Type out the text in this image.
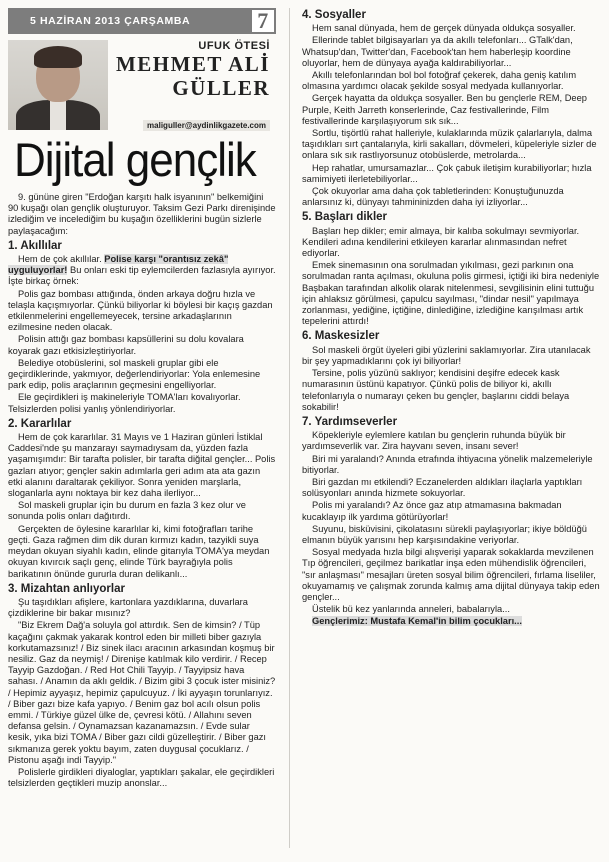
5 HAZİRAN 2013 ÇARŞAMBA	7
UFUK ÖTESİ
MEHMET ALİ
GÜLLER
maliguller@aydinlikgazete.com
Dijital gençlik

9. gününe giren "Erdoğan karşıtı halk isyanının" belkemiğini 90 kuşağı olan gençlik oluşturuyor. Taksim Gezi Parkı direnişinde izlediğim ve incelediğim bu kuşağın özelliklerini bugün sizlerle paylaşacağım:

1. Akıllılar

Hem de çok akıllılar. Polise karşı "orantısız zekâ" uyguluyorlar! Bu onları eski tip eylemcilerden fazlasıyla ayırıyor. İşte birkaç örnek:

Polis gaz bombası attığında, önden arkaya doğru hızla ve telaşla kaçışmıyorlar. Çünkü biliyorlar ki böylesi bir kaçış gazdan etkilenmelerini engellemeyecek, tersine arkadaşlarının ezilmesine neden olacak.

Polisin attığı gaz bombası kapsüllerini su dolu kovalara koyarak gazı etkisizleştiriyorlar.

Belediye otobüslerini, sol maskeli gruplar gibi ele geçirdiklerinde, yakmıyor, değerlendiriyorlar: Yola enlemesine park edip, polis araçlarının geçmesini engelliyorlar.

Ele geçirdikleri iş makineleriyle TOMA'ları kovalıyorlar. Telsizlerden polisi yanlış yönlendiriyorlar.

2. Kararlılar

Hem de çok kararlılar. 31 Mayıs ve 1 Haziran günleri İstiklal Caddesi'nde şu manzarayı saymadıysam da, yüzden fazla yaşamışımdır: Bir tarafta polisler, bir tarafta diğital gençler... Polis gazları atıyor; gençler sakin adımlarla geri adım ata ata gazın etki alanını daraltarak çekiliyor. Sonra yeniden marşlarla, sloganlarla aynı noktaya bir kez daha ilerliyor...

Sol maskeli gruplar için bu durum en fazla 3 kez olur ve sonunda polis onları dağıtırdı.

Gerçekten de öylesine kararlılar ki, kimi fotoğrafları tarihe geçti. Gaza rağmen dim dik duran kırmızı kadın, tazyikli suya meydan okuyan siyahlı kadın, elinde gitarıyla TOMA'ya meydan okuyan kıvırcık saçlı genç, elinde Türk bayrağıyla polis barikatının önünde gururla duran delikanlı...

3. Mizahtan anlıyorlar

Şu taşıdıkları afişlere, kartonlara yazdıklarına, duvarlara çizdiklerine bir bakar mısınız?

"Biz Ekrem Dağ'a soluyla gol attırdık. Sen de kimsin? / Tüp kaçağını çakmak yakarak kontrol eden bir milleti biber gazıyla korkutamazsınız! / Biz sinek ilacı aracının arkasından koşmuş bir nesiliz. Gaz da neymiş! / Direnişe katılmak kilo verdirir. / Recep Tayyip Gazdoğan. / Red Hot Chili Tayyip. / Tayyipsiz hava sahası. / Anamın da aklı geldik. / Bizim gibi 3 çocuk ister misiniz? / Hepimiz ayyaşız, hepimiz çapulcuyuz. / İki ayyaşın torunlarıyız. / Biber gazı bize kafa yapıyo. / Benim gaz bol acılı olsun polis emmi. / Türkiye güzel ülke de, çevresi kötü. / Allahını seven defansa gelsin. / Oynamazsan kazanamazsın. / Evde sular kesik, yıka bizi TOMA / Biber gazı cildi güzelleştirir. / Biber gazı sıkmanıza gerek yoktu bayım, zaten duygusal çocuklarız. / Pistonu aşağı indi Tayyip."

Polislerle girdikleri diyaloglar, yaptıkları şakalar, ele geçirdikleri telsizlerden geçtikleri muzip anonslar...

4. Sosyaller

Hem sanal dünyada, hem de gerçek dünyada oldukça sosyaller.

Ellerinde tablet bilgisayarları ya da akıllı telefonları... GTalk'dan, Whatsup'dan, Twitter'dan, Facebook'tan hem haberleşip koordine oluyorlar, hem de dünyaya ayağa kaldırabiliyorlar...

Akıllı telefonlarından bol bol fotoğraf çekerek, daha geniş katılım olmasına yardımcı olacak şekilde sosyal medyada kullanıyorlar.

Gerçek hayatta da oldukça sosyaller. Ben bu gençlerle REM, Deep Purple, Keith Jarreth konserlerinde, Caz festivallerinde, Film festivallerinde karşılaşıyorum sık sık...

Sortlu, tişörtlü rahat halleriyle, kulaklarında müzik çalarlarıyla, dalma taşıdıkları sırt çantalarıyla, kirli sakalları, dövmeleri, küpeleriyle sizler de onlara sık sık rastlıyorsunuz otobüslerde, metrolarda...

Hep rahatlar, umursamazlar... Çok çabuk iletişim kurabiliyorlar; hızla samimiyeti ilerletebiliyorlar...

Çok okuyorlar ama daha çok tabletlerinden: Konuştuğunuzda anlarsınız ki, dünyayı tahmininizden daha iyi izliyorlar...

5. Başları dikler

Başları hep dikler; emir almaya, bir kalıba sokulmayı sevmiyorlar. Kendileri adına kendilerini etkileyen kararlar alınmasından nefret ediyorlar.

Emek sinemasının ona sorulmadan yıkılması, gezi parkının ona sorulmadan ranta açılması, okuluna polis girmesi, içtiği iki bira nedeniyle Başbakan tarafından alkolik olarak nitelenmesi, sevgilisinin elini tuttuğu için ahlaksız görülmesi, çapulcu sayılması, "dindar nesil" yapılmaya zorlanması, yediğine, içtiğine, dinlediğine, izlediğine karışılması artık tepelerini attırdı!

6. Maskesizler

Sol maskeli örgüt üyeleri gibi yüzlerini saklamıyorlar. Zira utanılacak bir şey yapmadıklarını çok iyi biliyorlar!

Tersine, polis yüzünü saklıyor; kendisini deşifre edecek kask numarasının üstünü kapatıyor. Çünkü polis de biliyor ki, akıllı telefonlarıyla o numarayı çeken bu gençler, başlarını ciddi belaya sokabilir!

7. Yardımseverler

Köpekleriyle eylemlere katılan bu gençlerin ruhunda büyük bir yardımseverlik var. Zira hayvanı seven, insanı sever!

Biri mi yaralandı? Anında etrafında ihtiyacına yönelik malzemeleriyle bitiyorlar.

Biri gazdan mı etkilendi? Eczanelerden aldıkları ilaçlarla yaptıkları solüsyonları anında hizmete sokuyorlar.

Polis mi yaralandı? Az önce gaz atıp atmamasına bakmadan kucaklayıp ilk yardıma götürüyorlar!

Suyunu, bisküvisini, çikolatasını sürekli paylaşıyorlar; ikiye böldüğü elmanın büyük yarısını hep karşısındakine veriyorlar.

Sosyal medyada hızla bilgi alışverişi yaparak sokaklarda mevzilenen Tıp öğrencileri, geçilmez barikatlar inşa eden mühendislik öğrencileri, "sır anlaşması" mesajları üreten sosyal bilim öğrencileri, fırlama liseliler, okuyamamış ve çalışmak zorunda kalmış ama dijital dünyaya takip eden gençler...

Üstelik bü kez yanlarında anneleri, babalarıyla...

Gençlerimiz: Mustafa Kemal'in bilim çocukları...
